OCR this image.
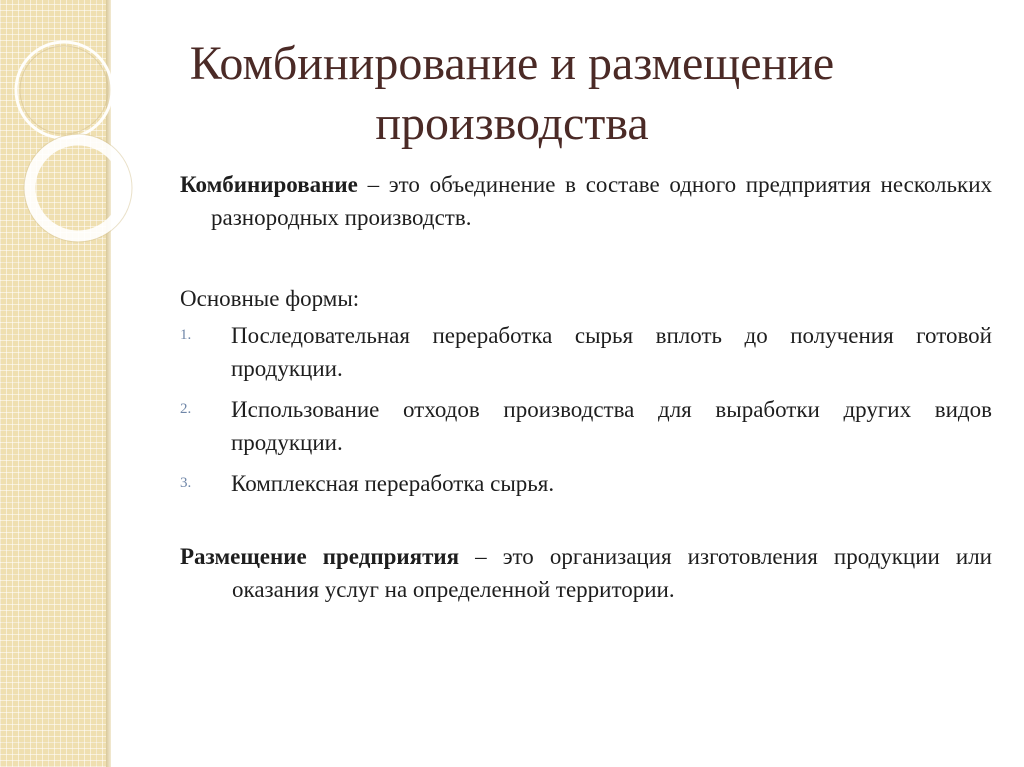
Комбинирование и размещение производства

Комбинирование – это объединение в составе одного предприятия нескольких разнородных производств.

Основные формы:

1. Последовательная переработка сырья вплоть до получения готовой продукции.
2. Использование отходов производства для выработки других видов продукции.
3. Комплексная переработка сырья.

Размещение предприятия – это организация изготовления продукции или оказания услуг на определенной территории.
